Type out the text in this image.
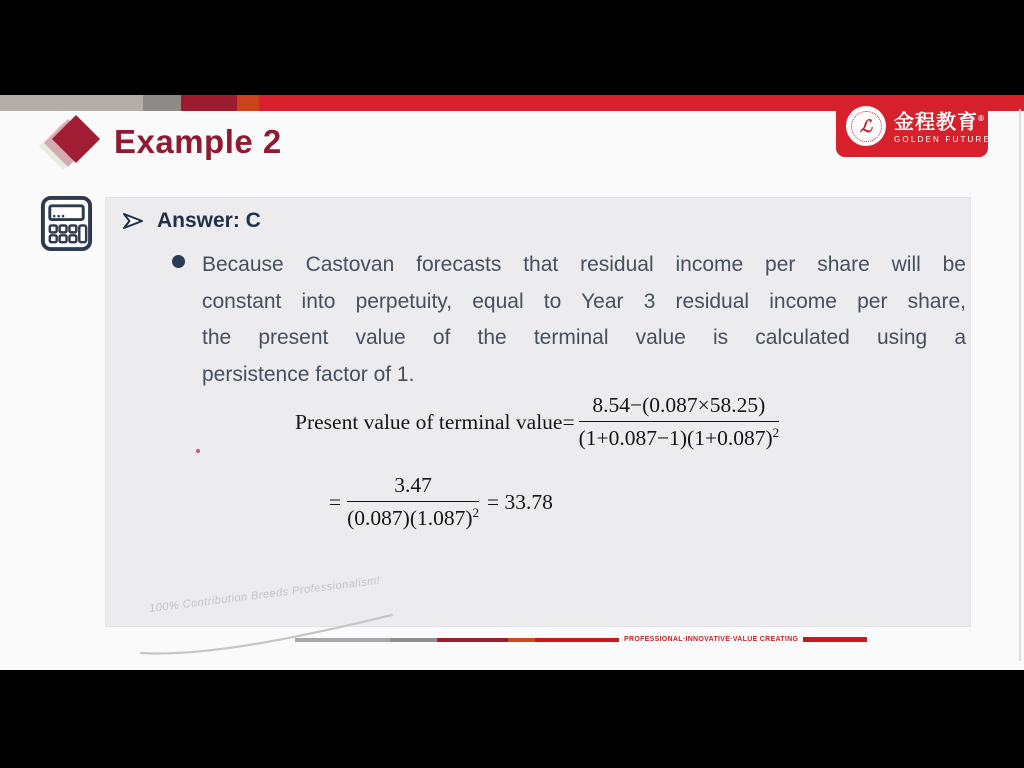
ℒ 金程教育®
GOLDEN FUTURE
Example 2
Answer: C
Because Castovan forecasts that residual income per share will be
constant into perpetuity, equal to Year 3 residual income per share,
the present value of the terminal value is calculated using a
persistence factor of 1.
Present value of terminal value= $\frac{8.54-(0.087\times 58.25)}{(1+0.087-1)(1+0.087)^2}$
= $\frac{3.47}{(0.087)(1.087)^2} = 33.78$
100% Contribution Breeds Professionalism!
PROFESSIONAL·INNOVATIVE·VALUE CREATING
